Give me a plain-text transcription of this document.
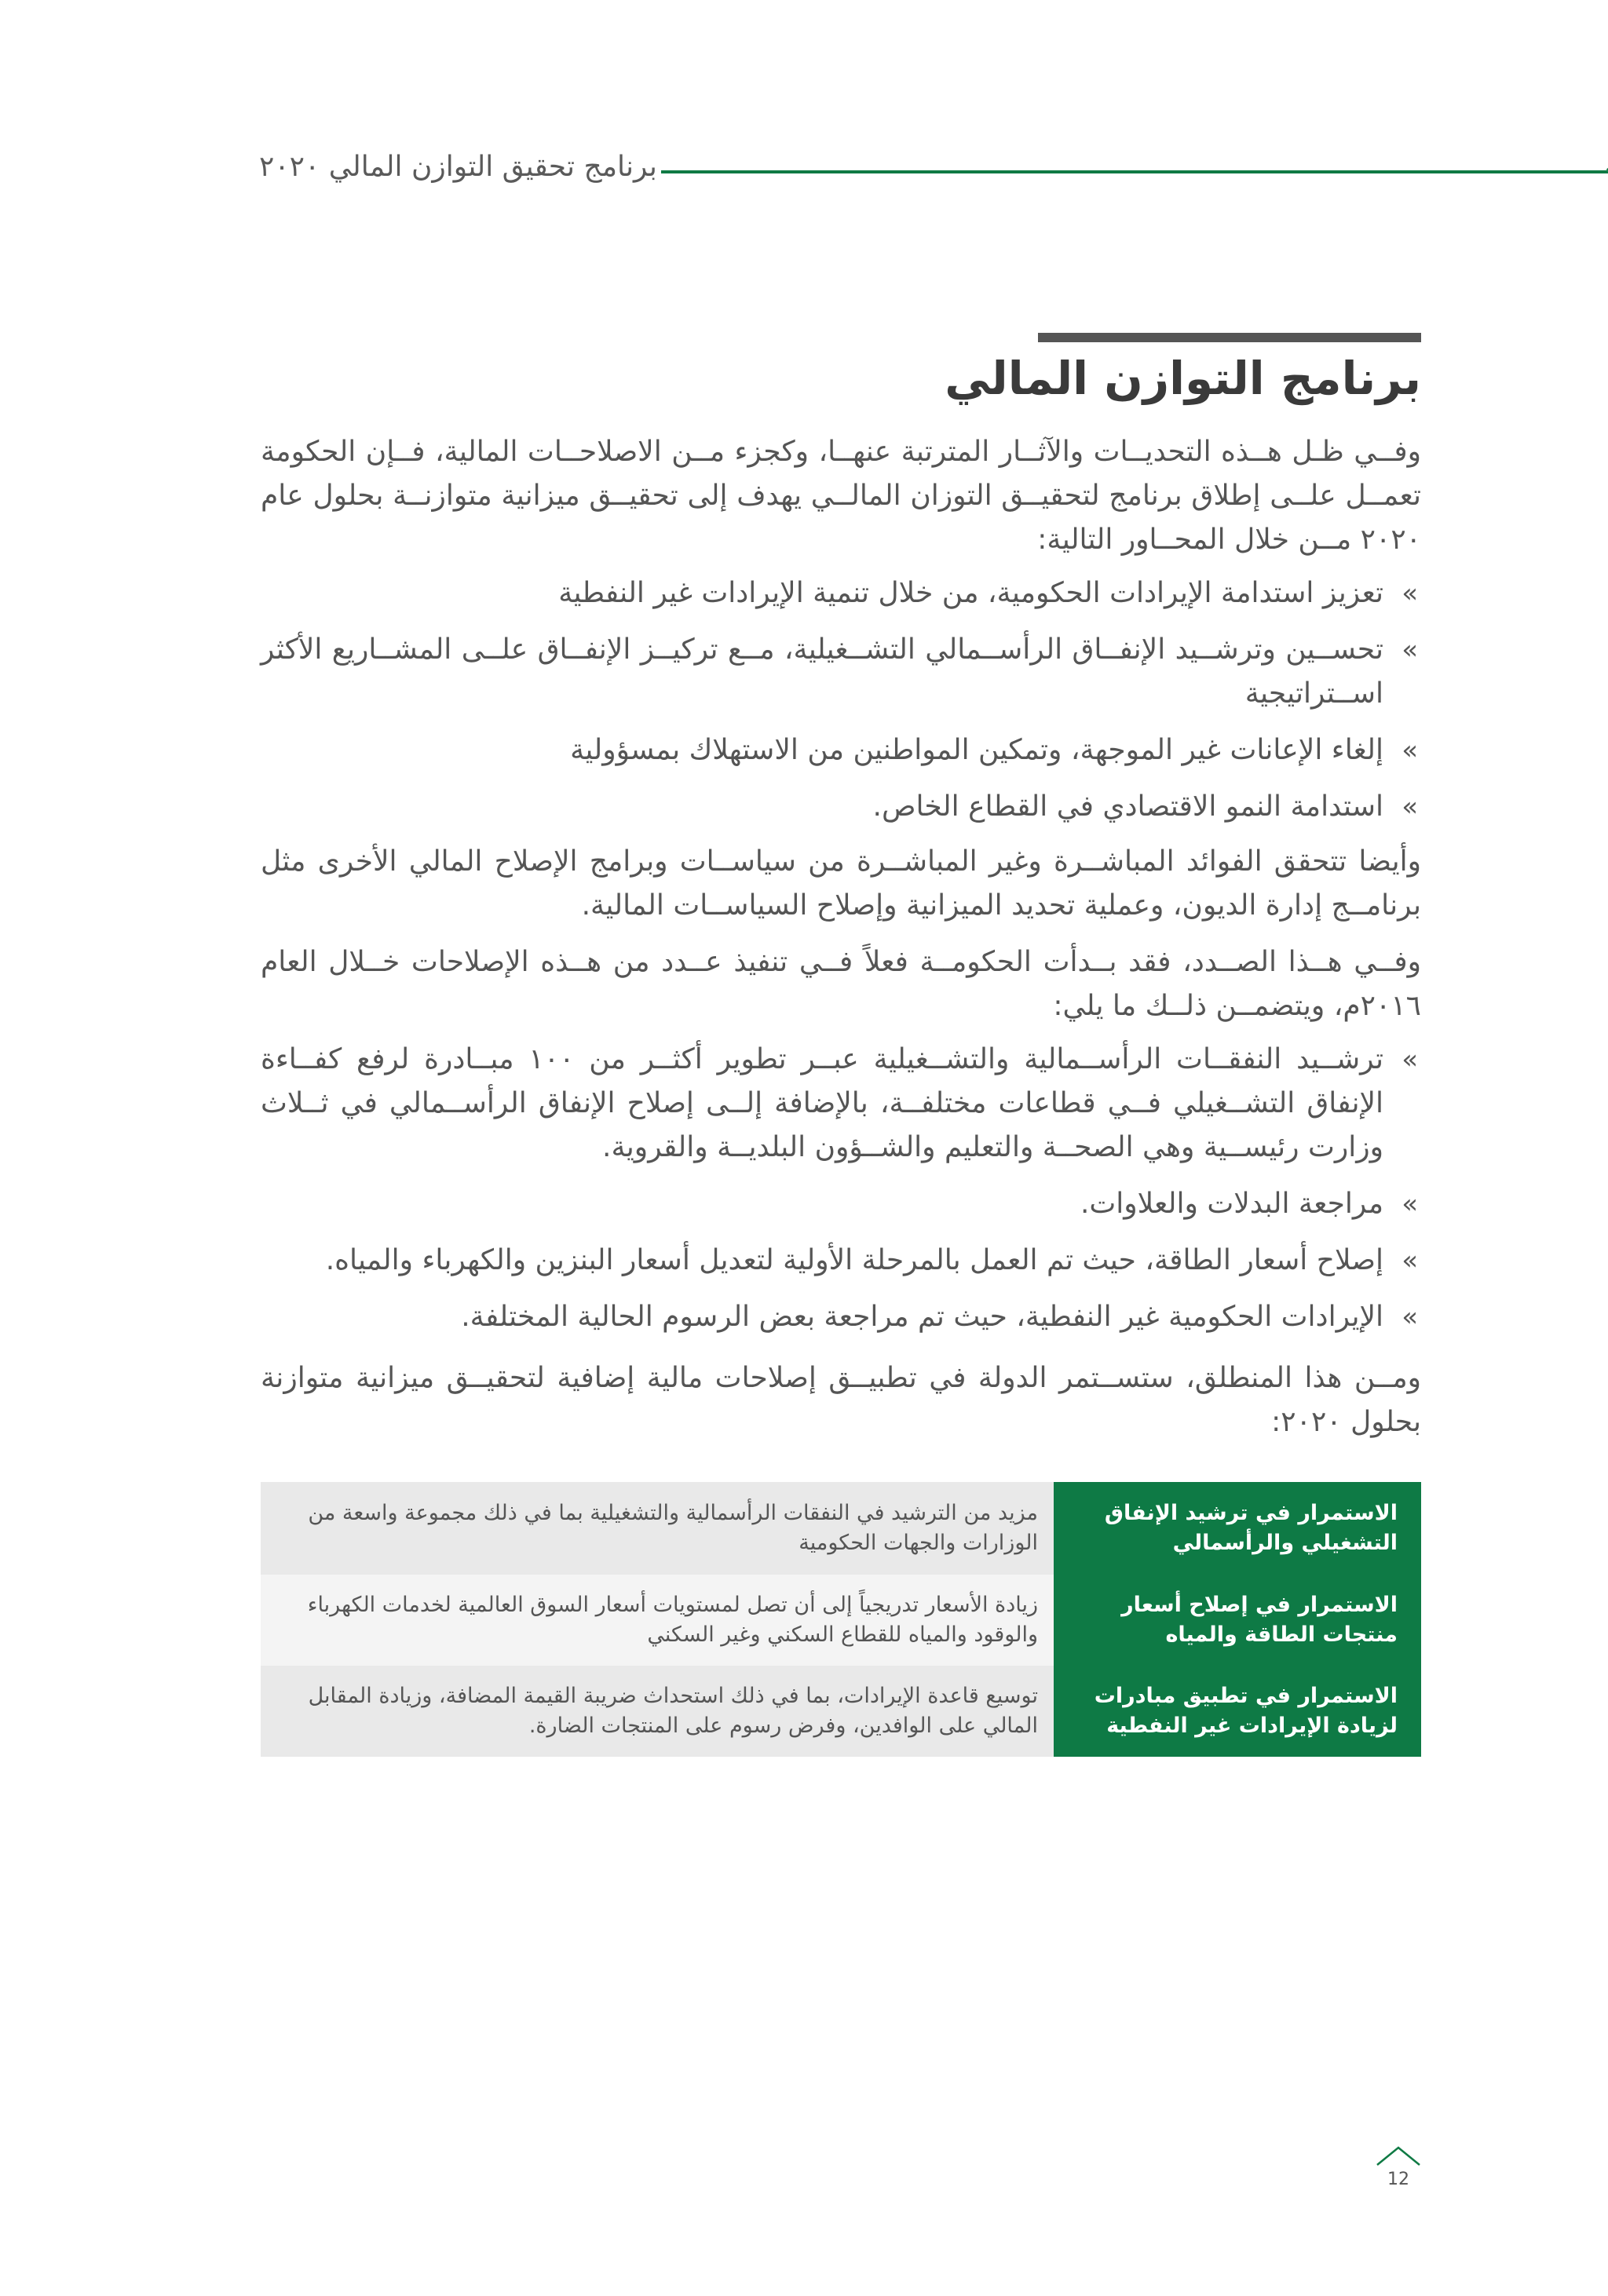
برنامج تحقيق التوازن المالي ٢٠٢٠
برنامج التوازن المالي

وفــي ظـل هــذه التحديــات والآثــار المترتبة عنهــا، وكجزء مــن الاصلاحــات المالية، فــإن الحكومة تعمــل علــى إطلاق برنامج لتحقيــق التوزان المالــي يهدف إلى تحقيــق ميزانية متوازنــة بحلول عام ٢٠٢٠ مــن خلال المحــاور التالية:

»
تعزيز استدامة الإيرادات الحكومية، من خلال تنمية الإيرادات غير النفطية
»
تحســين وترشــيد الإنفــاق الرأســمالي التشــغيلية، مــع تركيــز الإنفــاق علــى المشــاريع الأكثر اســتراتيجية
»
إلغاء الإعانات غير الموجهة، وتمكين المواطنين من الاستهلاك بمسؤولية
»
استدامة النمو الاقتصادي في القطاع الخاص.

وأيضا تتحقق الفوائد المباشــرة وغير المباشــرة من سياســات وبرامج الإصلاح المالي الأخرى مثل برنامــج إدارة الديون، وعملية تحديد الميزانية وإصلاح السياســات المالية.

وفــي هــذا الصــدد، فقد بــدأت الحكومــة فعلاً فــي تنفيذ عــدد من هــذه الإصلاحات خــلال العام ٢٠١٦م، ويتضمــن ذلــك ما يلي:

»
ترشــيد النفقــات الرأســمالية والتشــغيلية عبــر تطوير أكثــر من ١٠٠ مبــادرة لرفع كفــاءة الإنفاق التشــغيلي فــي قطاعات مختلفــة، بالإضافة إلــى إصلاح الإنفاق الرأســمالي في ثــلاث وزارت رئيســية وهي الصحــة والتعليم والشــؤون البلديــة والقروية.
»
مراجعة البدلات والعلاوات.
»
إصلاح أسعار الطاقة، حيث تم العمل بالمرحلة الأولية لتعديل أسعار البنزين والكهرباء والمياه.
»
الإيرادات الحكومية غير النفطية، حيث تم مراجعة بعض الرسوم الحالية المختلفة.

ومــن هذا المنطلق، ستســتمر الدولة في تطبيــق إصلاحات مالية إضافية لتحقيــق ميزانية متوازنة بحلول ٢٠٢٠:

الاستمرار في ترشيد الإنفاق التشغيلي والرأسمالي	مزيد من الترشيد في النفقات الرأسمالية والتشغيلية بما في ذلك مجموعة واسعة من الوزارات والجهات الحكومية
الاستمرار في إصلاح أسعار منتجات الطاقة والمياه	زيادة الأسعار تدريجياً إلى أن تصل لمستويات أسعار السوق العالمية لخدمات الكهرباء والوقود والمياه للقطاع السكني وغير السكني
الاستمرار في تطبيق مبادرات لزيادة الإيرادات غير النفطية	توسيع قاعدة الإيرادات، بما في ذلك استحداث ضريبة القيمة المضافة، وزيادة المقابل المالي على الوافدين، وفرض رسوم على المنتجات الضارة.
12
